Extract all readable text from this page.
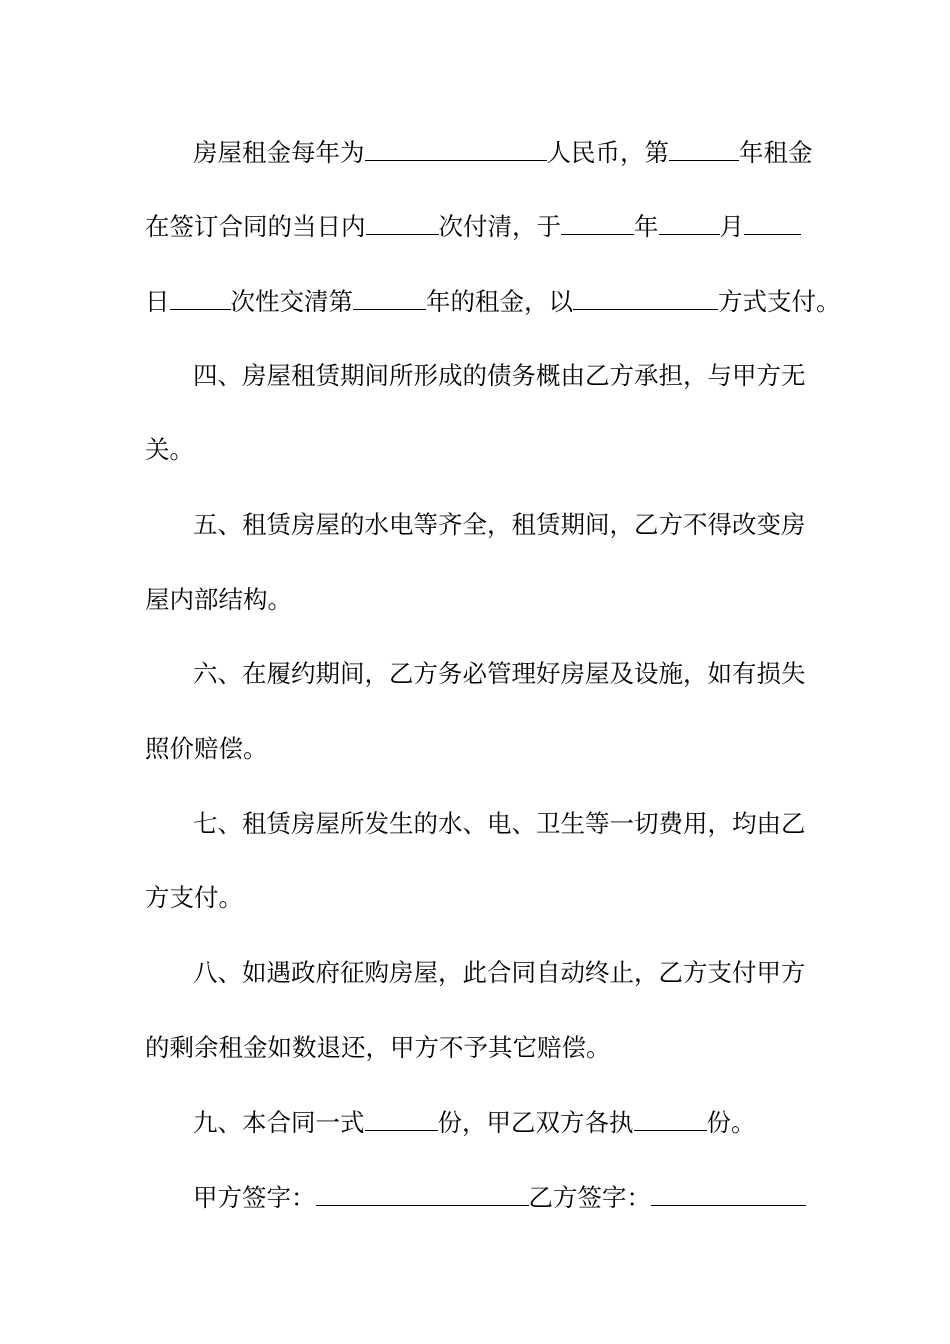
房屋租金每年为	人民币，第	年租金
在签订合同的当日内	次付清，于	年 月
日 次性交清第	年的租金，以	方式支付。
四、房屋租赁期间所形成的债务概由乙方承担，与甲方无
关。
五、租赁房屋的水电等齐全，租赁期间，乙方不得改变房
屋内部结构。
六、在履约期间，乙方务必管理好房屋及设施，如有损失
照价赔偿。
七、租赁房屋所发生的水、电、卫生等一切费用，均由乙
方支付。
八、如遇政府征购房屋，此合同自动终止，乙方支付甲方
的剩余租金如数退还，甲方不予其它赔偿。
九、本合同一式	份，甲乙双方各执	份。
甲方签字：	乙方签字：
